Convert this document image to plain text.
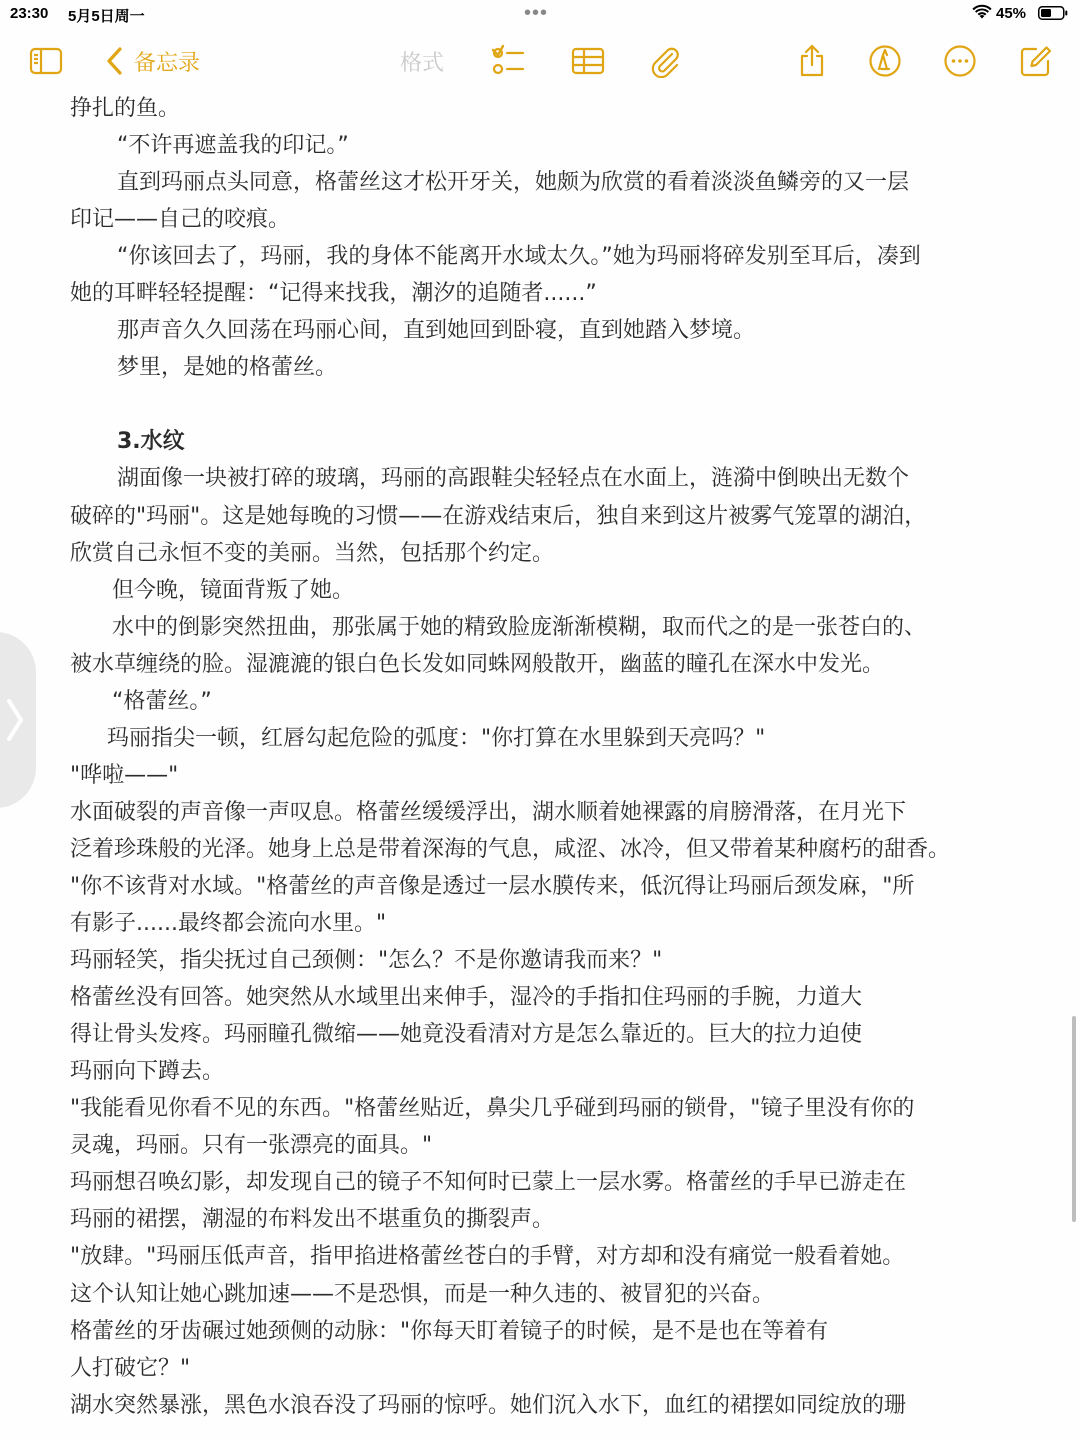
23:30 5月5日周一	•••	45%
备忘录	格式
挣扎的鱼。
“不许再遮盖我的印记。”
直到玛丽点头同意，格蕾丝这才松开牙关，她颇为欣赏的看着淡淡鱼鳞旁的又一层
印记——自己的咬痕。
“你该回去了，玛丽，我的身体不能离开水域太久。”她为玛丽将碎发别至耳后，凑到
她的耳畔轻轻提醒：“记得来找我，潮汐的追随者......”
那声音久久回荡在玛丽心间，直到她回到卧寝，直到她踏入梦境。
梦里，是她的格蕾丝。
3.水纹
湖面像一块被打碎的玻璃，玛丽的高跟鞋尖轻轻点在水面上，涟漪中倒映出无数个
破碎的"玛丽"。这是她每晚的习惯——在游戏结束后，独自来到这片被雾气笼罩的湖泊，
欣赏自己永恒不变的美丽。当然，包括那个约定。
但今晚，镜面背叛了她。
水中的倒影突然扭曲，那张属于她的精致脸庞渐渐模糊，取而代之的是一张苍白的、
被水草缠绕的脸。湿漉漉的银白色长发如同蛛网般散开，幽蓝的瞳孔在深水中发光。
“格蕾丝。”
玛丽指尖一顿，红唇勾起危险的弧度："你打算在水里躲到天亮吗？"
"哗啦——"
水面破裂的声音像一声叹息。格蕾丝缓缓浮出，湖水顺着她裸露的肩膀滑落，在月光下
泛着珍珠般的光泽。她身上总是带着深海的气息，咸涩、冰冷，但又带着某种腐朽的甜香。
"你不该背对水域。"格蕾丝的声音像是透过一层水膜传来，低沉得让玛丽后颈发麻，"所
有影子......最终都会流向水里。"
玛丽轻笑，指尖抚过自己颈侧："怎么？不是你邀请我而来？"
格蕾丝没有回答。她突然从水域里出来伸手，湿冷的手指扣住玛丽的手腕，力道大
得让骨头发疼。玛丽瞳孔微缩——她竟没看清对方是怎么靠近的。巨大的拉力迫使
玛丽向下蹲去。
"我能看见你看不见的东西。"格蕾丝贴近，鼻尖几乎碰到玛丽的锁骨，"镜子里没有你的
灵魂，玛丽。只有一张漂亮的面具。"
玛丽想召唤幻影，却发现自己的镜子不知何时已蒙上一层水雾。格蕾丝的手早已游走在
玛丽的裙摆，潮湿的布料发出不堪重负的撕裂声。
"放肆。"玛丽压低声音，指甲掐进格蕾丝苍白的手臂，对方却和没有痛觉一般看着她。
这个认知让她心跳加速——不是恐惧，而是一种久违的、被冒犯的兴奋。
格蕾丝的牙齿碾过她颈侧的动脉："你每天盯着镜子的时候，是不是也在等着有
人打破它？"
湖水突然暴涨，黑色水浪吞没了玛丽的惊呼。她们沉入水下，血红的裙摆如同绽放的珊
